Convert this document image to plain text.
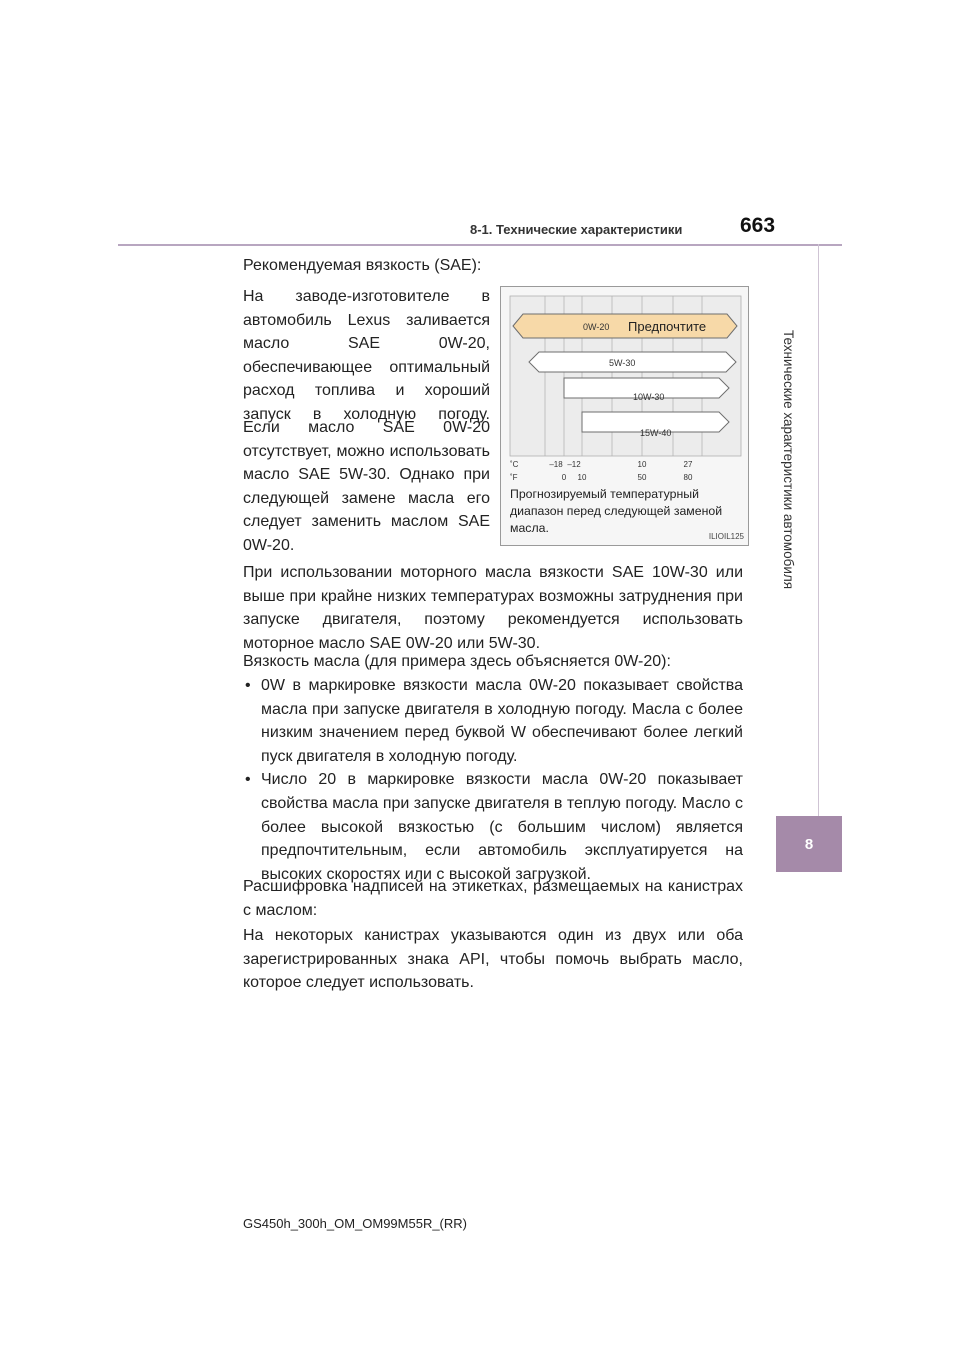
8-1. Технические характеристики	663
Технические характеристики автомобиля
8
Рекомендуемая вязкость (SAE):
На заводе-изготовителе в автомобиль Lexus заливается масло SAE 0W-20, обеспечивающее оптимальный расход топлива и хороший запуск в холодную погоду.
Если масло SAE 0W-20 отсутствует, можно использовать масло SAE 5W-30. Однако при следующей замене масла его следует заменить маслом SAE 0W-20.
При использовании моторного масла вязкости SAE 10W-30 или выше при крайне низких температурах возможны затруднения при запуске двигателя, поэтому рекомендуется использовать моторное масло SAE 0W-20 или 5W-30.
Вязкость масла (для примера здесь объясняется 0W-20):
• 0W в маркировке вязкости масла 0W-20 показывает свойства масла при запуске двигателя в холодную погоду. Масла с более низким значением перед буквой W обеспечивают более легкий пуск двигателя в холодную погоду.
• Число 20 в маркировке вязкости масла 0W-20 показывает свойства масла при запуске двигателя в теплую погоду. Масло с более высокой вязкостью (с большим числом) является предпочтительным, если автомобиль эксплуатируется на высоких скоростях или с высокой загрузкой.
Расшифровка надписей на этикетках, размещаемых на канистрах с маслом:
На некоторых канистрах указываются один из двух или оба зарегистрированных знака API, чтобы помочь выбрать масло, которое следует использовать.
0W-20 Предпочтите
5W-30
10W-30
15W-40
˚C
˚F
–18 –12	10	27
0 10	50	80
Прогнозируемый температурный диапазон перед следующей заменой масла.
ILIOIL125
GS450h_300h_OM_OM99M55R_(RR)
